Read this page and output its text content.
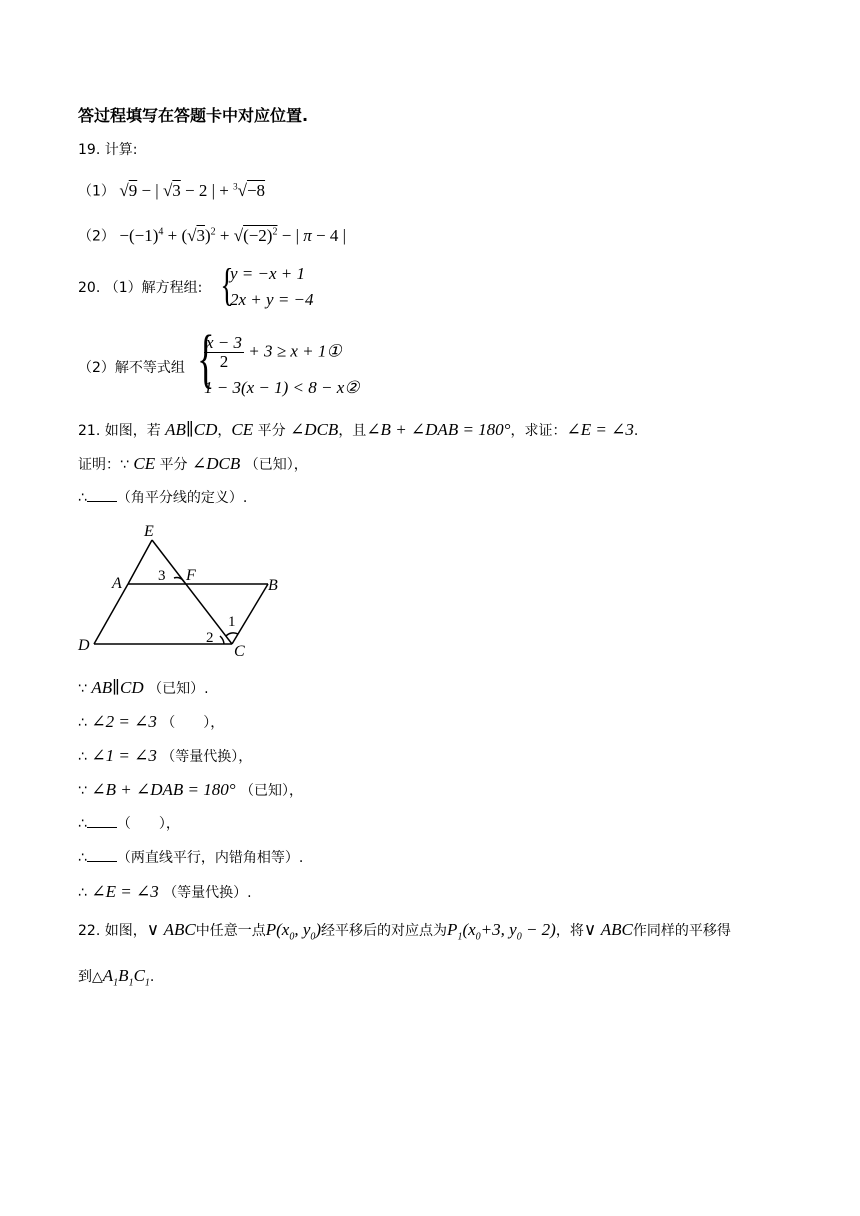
答过程填写在答题卡中对应位置.
19. 计算:
（1） √9 − | √3 − 2 | + $^3$√−8
$(2) -(-1)^4 + (√3)^2 + √(-2)^2$ − | π − 4 |
20. （1）解方程组: {
y = −x + 1
2x + y = −4
（2）解不等式组 {
$\frac{x - 3}{2} + 3 \ge x$ + 1①
1 − 3(x − 1) < 8 − x②
21. 如图，若 AB∥CD，CE 平分 ∠DCB，且∠B + ∠DAB = 180°，求证：∠E = ∠3.
证明：∵ CE 平分 ∠DCB （已知），
∴ （角平分线的定义）.
E
A	F
B
D	C
3
1
2
∵ AB∥CD （已知）.
∴ ∠2 = ∠3 （　　），
∴ ∠1 = ∠3 （等量代换），
∵ ∠B + ∠DAB = 180° （已知），
∴ （　　），
∴ （两直线平行，内错角相等）.
∴ ∠E = ∠3 （等量代换）.
22. 如图，∨ ABC中任意一点$P(x_0$, $y_0$)经平移后的对应点为$P_1(x_0+3$, $y_0 - 2$)，将∨ ABC作同样的平移得
到$\triangle A_1B_1C_1$.
